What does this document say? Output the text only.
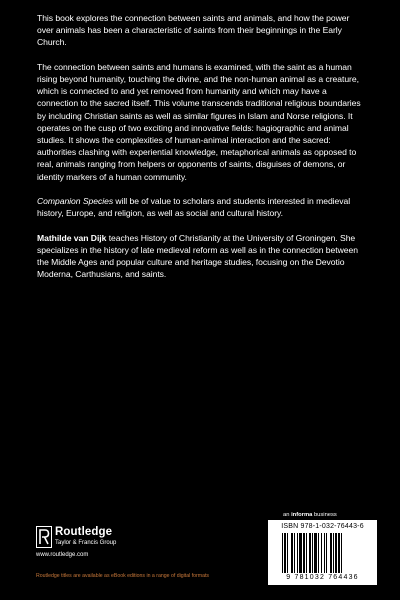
This book explores the connection between saints and animals, and how the power over animals has been a characteristic of saints from their beginnings in the Early Church.

The connection between saints and humans is examined, with the saint as a human rising beyond humanity, touching the divine, and the non-human animal as a creature, which is connected to and yet removed from humanity and which may have a connection to the sacred itself. This volume transcends traditional religious boundaries by including Christian saints as well as similar figures in Islam and Norse religions. It operates on the cusp of two exciting and innovative fields: hagiographic and animal studies. It shows the complexities of human-animal interaction and the sacred: authorities clashing with experiential knowledge, metaphorical animals as opposed to real, animals ranging from helpers or opponents of saints, disguises of demons, or identity markers of a human community.

Companion Species will be of value to scholars and students interested in medieval history, Europe, and religion, as well as social and cultural history.

Mathilde van Dijk teaches History of Christianity at the University of Groningen. She specializes in the history of late medieval reform as well as in the connection between the Middle Ages and popular culture and heritage studies, focusing on the Devotio Moderna, Carthusians, and saints.

an informa business
Routledge
Taylor & Francis Group
www.routledge.com
ISBN 978-1-032-76443-6
9 781032 764436
Routledge titles are available as eBook editions in a range of digital formats
